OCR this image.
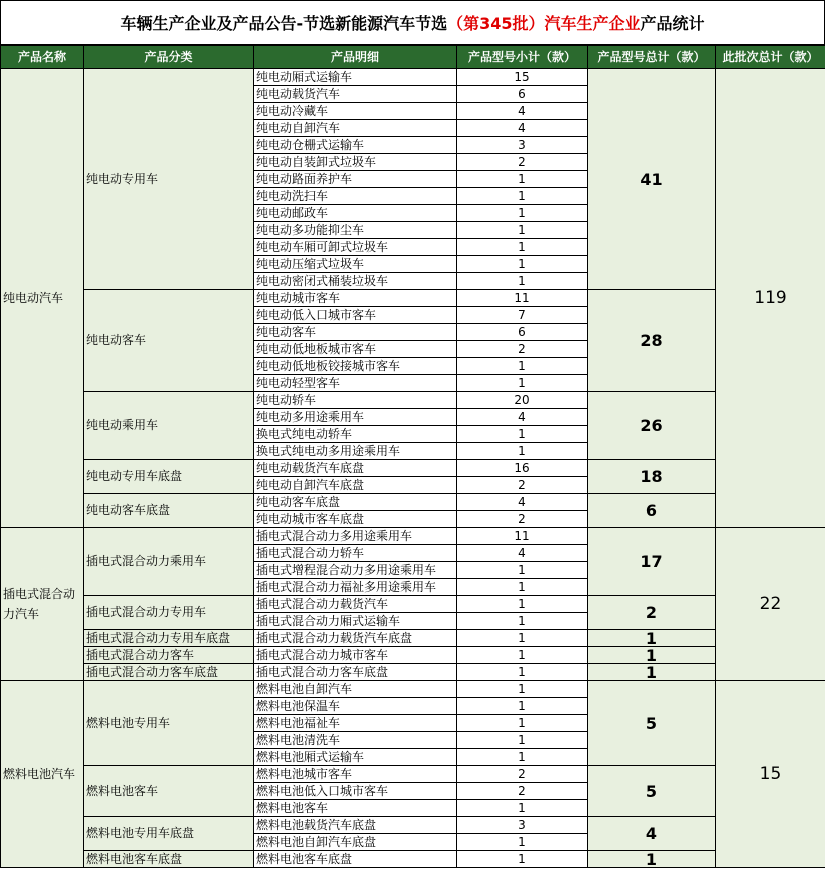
车辆生产企业及产品公告-节选新能源汽车节选 （第345批）汽车生产企业 产品统计
产品名称	产品分类	产品明细	产品型号小计（款）	产品型号总计（款）	此批次总计（款）
纯电动汽车	纯电动专用车	纯电动厢式运输车	15	41	119
		纯电动载货汽车	6		
		纯电动冷藏车	4		
		纯电动自卸汽车	4		
		纯电动仓栅式运输车	3		
		纯电动自装卸式垃圾车	2		
		纯电动路面养护车	1		
		纯电动洗扫车	1		
		纯电动邮政车	1		
		纯电动多功能抑尘车	1		
		纯电动车厢可卸式垃圾车	1		
		纯电动压缩式垃圾车	1		
		纯电动密闭式桶装垃圾车	1		
	纯电动客车	纯电动城市客车	11	28	
		纯电动低入口城市客车	7		
		纯电动客车	6		
		纯电动低地板城市客车	2		
		纯电动低地板铰接城市客车	1		
		纯电动轻型客车	1		
	纯电动乘用车	纯电动轿车	20	26	
		纯电动多用途乘用车	4		
		换电式纯电动轿车	1		
		换电式纯电动多用途乘用车	1		
	纯电动专用车底盘	纯电动载货汽车底盘	16	18	
		纯电动自卸汽车底盘	2		
	纯电动客车底盘	纯电动客车底盘	4	6	
		纯电动城市客车底盘	2		
插电式混合动力汽车	插电式混合动力乘用车	插电式混合动力多用途乘用车	11	17	22
		插电式混合动力轿车	4		
		插电式增程混合动力多用途乘用车	1		
		插电式混合动力福祉多用途乘用车	1		
	插电式混合动力专用车	插电式混合动力载货汽车	1	2	
		插电式混合动力厢式运输车	1		
	插电式混合动力专用车底盘	插电式混合动力载货汽车底盘	1	1	
	插电式混合动力客车	插电式混合动力城市客车	1	1	
	插电式混合动力客车底盘	插电式混合动力客车底盘	1	1	
燃料电池汽车	燃料电池专用车	燃料电池自卸汽车	1	5	15
		燃料电池保温车	1		
		燃料电池福祉车	1		
		燃料电池清洗车	1		
		燃料电池厢式运输车	1		
	燃料电池客车	燃料电池城市客车	2	5	
		燃料电池低入口城市客车	2		
		燃料电池客车	1		
	燃料电池专用车底盘	燃料电池载货汽车底盘	3	4	
		燃料电池自卸汽车底盘	1		
	燃料电池客车底盘	燃料电池客车底盘	1	1	
